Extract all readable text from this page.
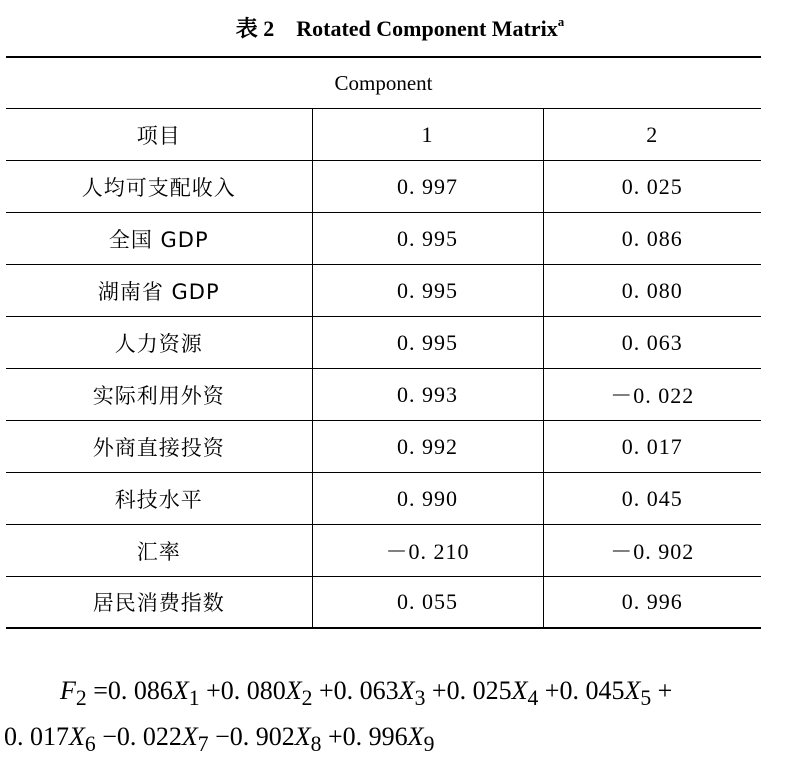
表 2 Rotated Component Matrix$^a$
Component		
项目	1	2
人均可支配收入	0. 997	0. 025
全国 GDP	0. 995	0. 086
湖南省 GDP	0. 995	0. 080
人力资源	0. 995	0. 063
实际利用外资	0. 993	－0. 022
外商直接投资	0. 992	0. 017
科技水平	0. 990	0. 045
汇率	－0. 210	－0. 902
居民消费指数	0. 055	0. 996
$F_2 =0$. $086X_1 +0$. $080X_2 +0$. $063X_3 +0$. $025X_4 +0$. $045X_5$ +
0. $017X_6 -0$. $022X_7 -0$. $902X_8 +0$. $996X_9$
